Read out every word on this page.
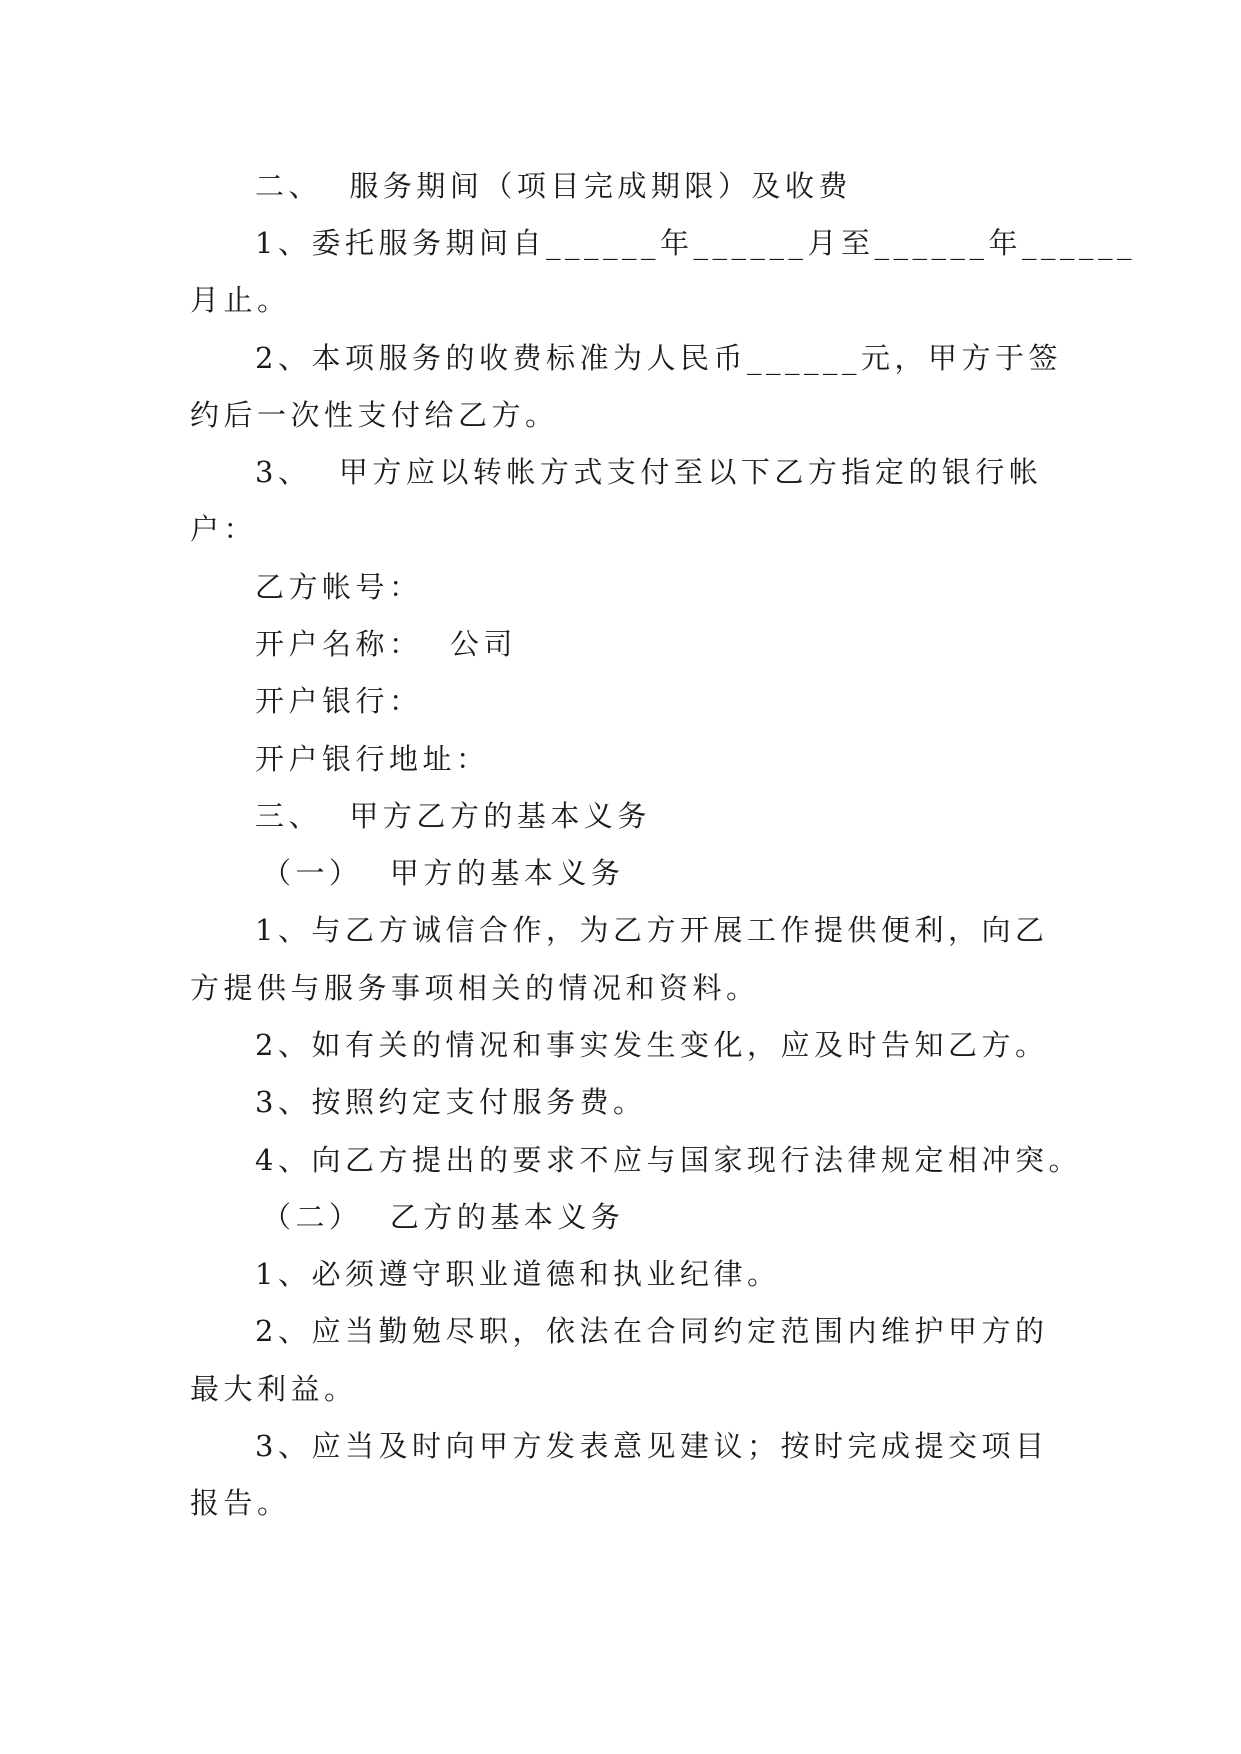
二、  服务期间（项目完成期限）及收费
1、委托服务期间自______年______月至______年______
月止。
2、本项服务的收费标准为人民币______元，甲方于签
约后一次性支付给乙方。
3、  甲方应以转帐方式支付至以下乙方指定的银行帐
户：
乙方帐号：
开户名称：  公司
开户银行：
开户银行地址：
三、  甲方乙方的基本义务
（一）  甲方的基本义务
1、与乙方诚信合作，为乙方开展工作提供便利，向乙
方提供与服务事项相关的情况和资料。
2、如有关的情况和事实发生变化，应及时告知乙方。
3、按照约定支付服务费。
4、向乙方提出的要求不应与国家现行法律规定相冲突。
（二）  乙方的基本义务
1、必须遵守职业道德和执业纪律。
2、应当勤勉尽职，依法在合同约定范围内维护甲方的
最大利益。
3、应当及时向甲方发表意见建议；按时完成提交项目
报告。
